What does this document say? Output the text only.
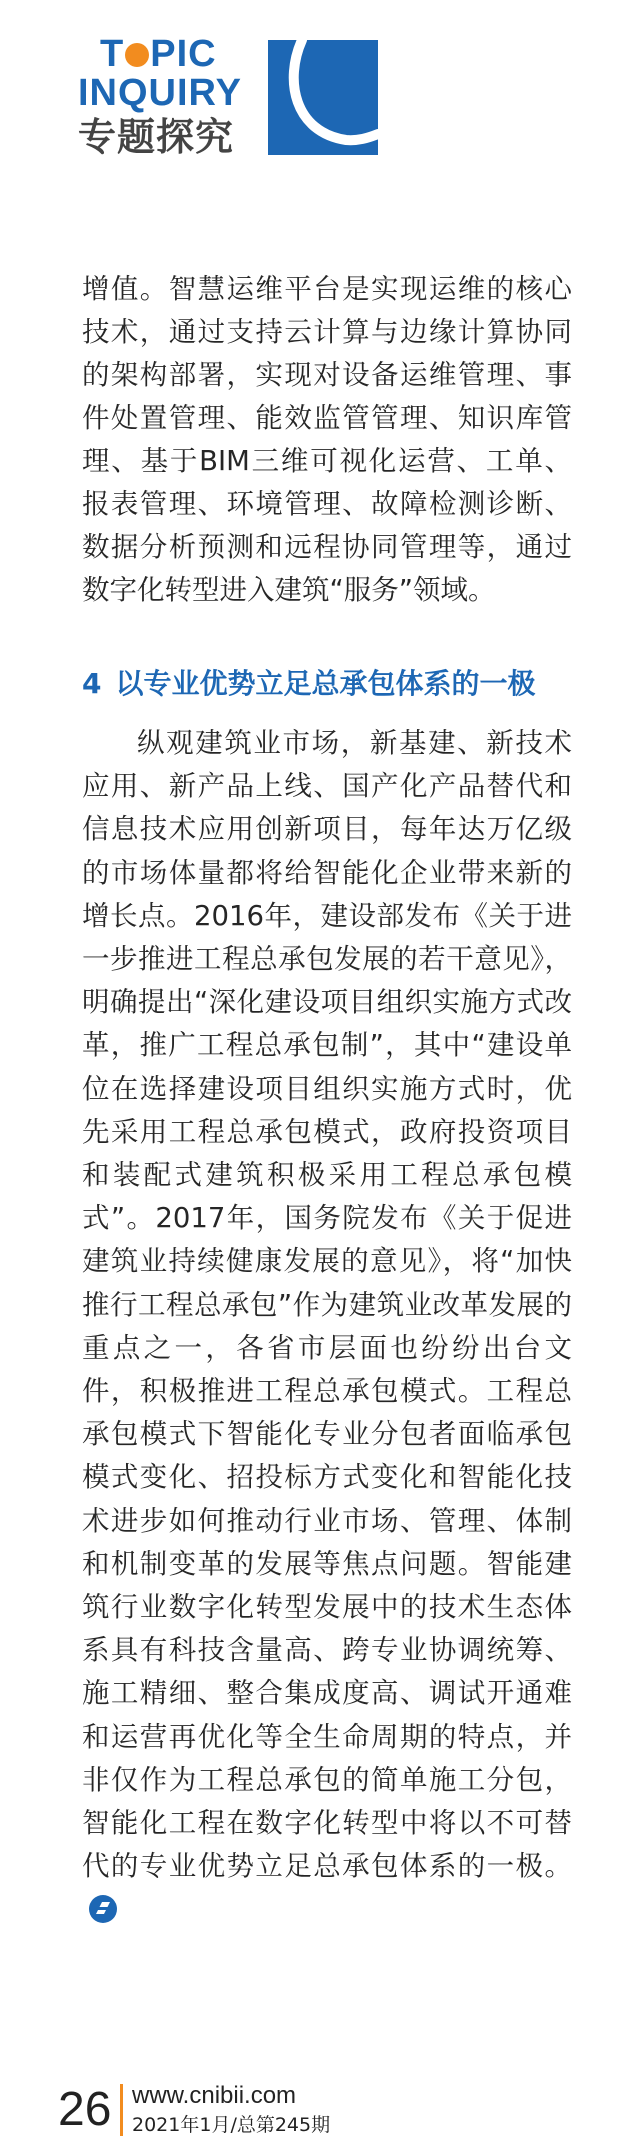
T PIC
INQUIRY
专题探究

增值。智慧运维平台是实现运维的核心技术，通过支持云计算与边缘计算协同的架构部署，实现对设备运维管理、事件处置管理、能效监管管理、知识库管理、基于BIM三维可视化运营、工单、报表管理、环境管理、故障检测诊断、数据分析预测和远程协同管理等，通过数字化转型进入建筑“服务”领域。

4 以专业优势立足总承包体系的一极

纵观建筑业市场，新基建、新技术应用、新产品上线、国产化产品替代和信息技术应用创新项目，每年达万亿级的市场体量都将给智能化企业带来新的增长点。2016年，建设部发布《关于进一步推进工程总承包发展的若干意见》，明确提出“深化建设项目组织实施方式改革，推广工程总承包制”，其中“建设单位在选择建设项目组织实施方式时，优先采用工程总承包模式，政府投资项目和装配式建筑积极采用工程总承包模式”。2017年，国务院发布《关于促进建筑业持续健康发展的意见》，将“加快推行工程总承包”作为建筑业改革发展的重点之一，各省市层面也纷纷出台文件，积极推进工程总承包模式。工程总承包模式下智能化专业分包者面临承包模式变化、招投标方式变化和智能化技术进步如何推动行业市场、管理、体制和机制变革的发展等焦点问题。智能建筑行业数字化转型发展中的技术生态体系具有科技含量高、跨专业协调统筹、施工精细、整合集成度高、调试开通难和运营再优化等全生命周期的特点，并非仅作为工程总承包的简单施工分包，智能化工程在数字化转型中将以不可替代的专业优势立足总承包体系的一极。

26 www.cnibii.com
2021年1月/总第245期
